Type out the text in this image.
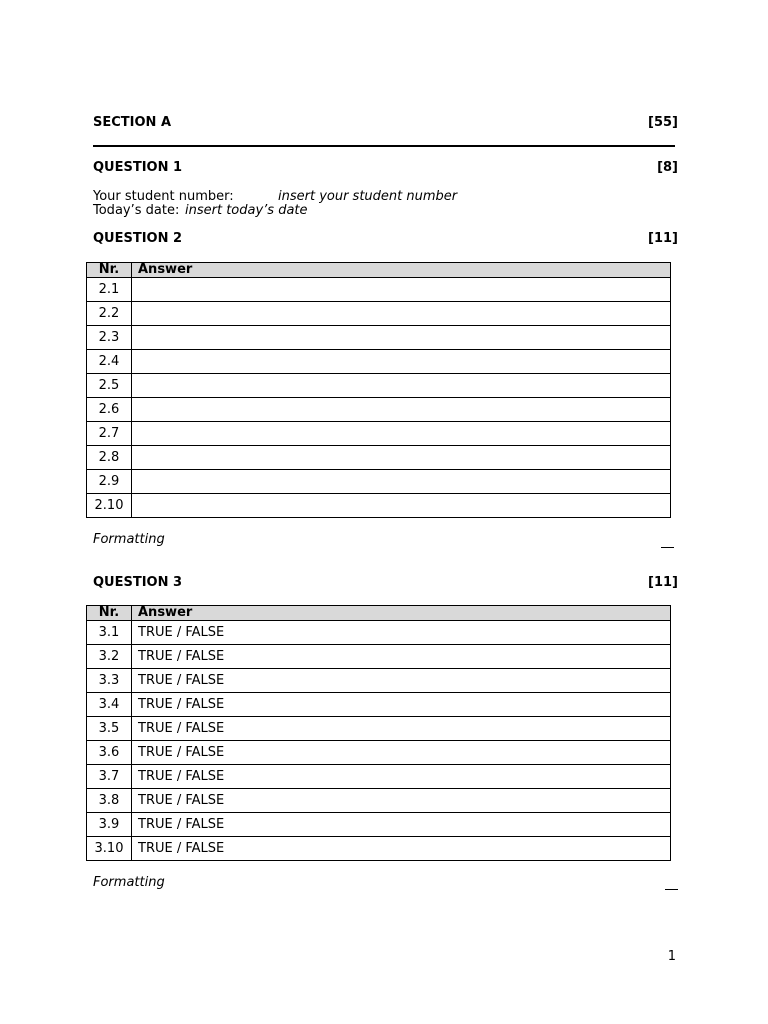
SECTION A	[55]
QUESTION 1	[8]
Your student number:	insert your student number
Today’s date: insert today’s date
QUESTION 2	[11]
Nr.	Answer
2.1	
2.2	
2.3	
2.4	
2.5	
2.6	
2.7	
2.8	
2.9	
2.10	
Formatting
QUESTION 3	[11]
Nr.	Answer
3.1	TRUE / FALSE
3.2	TRUE / FALSE
3.3	TRUE / FALSE
3.4	TRUE / FALSE
3.5	TRUE / FALSE
3.6	TRUE / FALSE
3.7	TRUE / FALSE
3.8	TRUE / FALSE
3.9	TRUE / FALSE
3.10	TRUE / FALSE
Formatting
1
